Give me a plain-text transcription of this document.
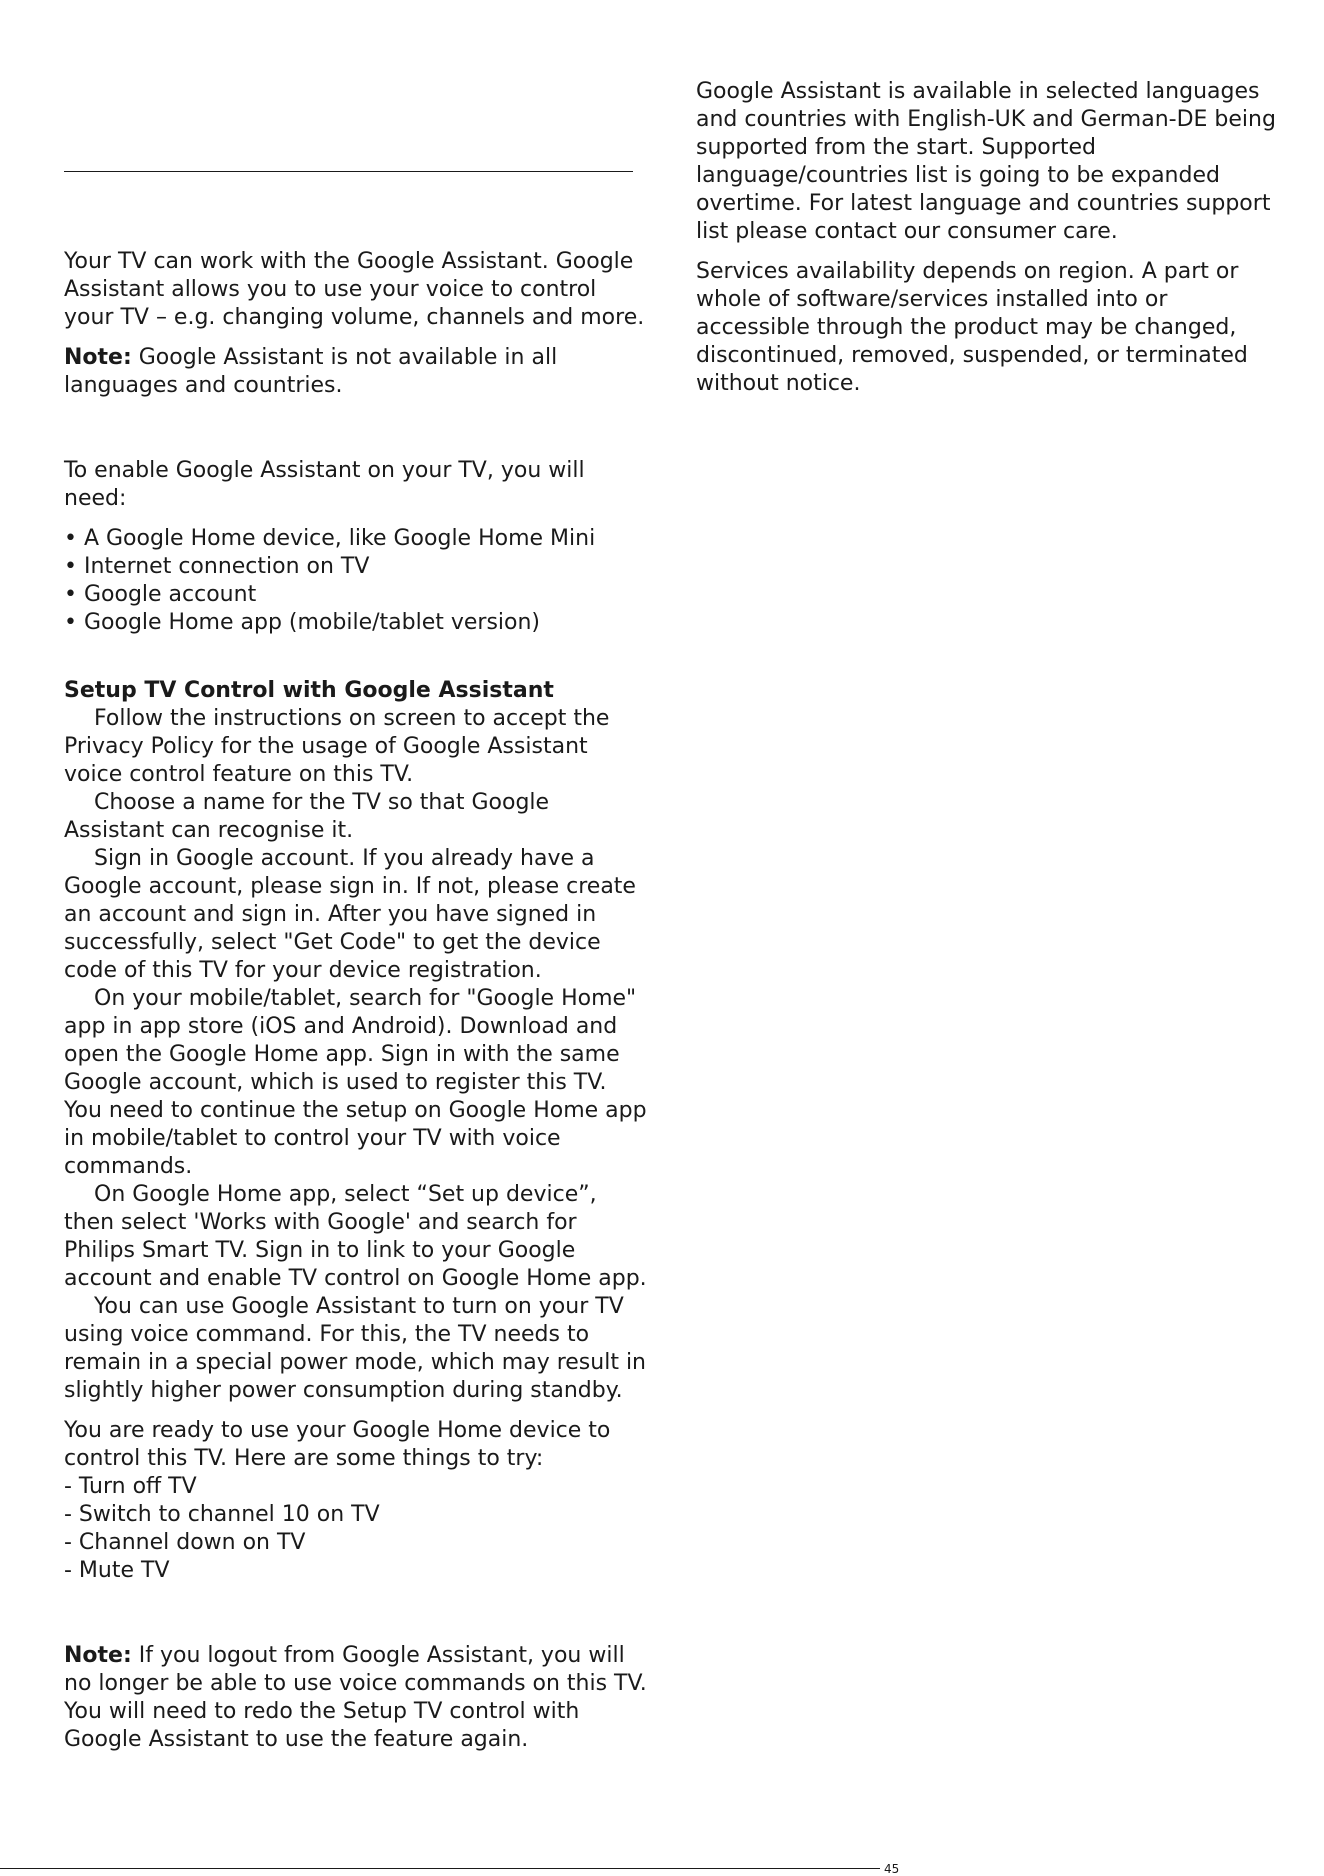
Your TV can work with the Google Assistant. Google Assistant allows you to use your voice to control your TV – e.g. changing volume, channels and more.

Note: Google Assistant is not available in all languages and countries.

To enable Google Assistant on your TV, you will need:

• A Google Home device, like Google Home Mini
• Internet connection on TV
• Google account
• Google Home app (mobile/tablet version)

Setup TV Control with Google Assistant

Follow the instructions on screen to accept the Privacy Policy for the usage of Google Assistant voice control feature on this TV.

Choose a name for the TV so that Google Assistant can recognise it.

Sign in Google account. If you already have a Google account, please sign in. If not, please create an account and sign in. After you have signed in successfully, select "Get Code" to get the device code of this TV for your device registration.

On your mobile/tablet, search for "Google Home" app in app store (iOS and Android). Download and open the Google Home app. Sign in with the same Google account, which is used to register this TV. You need to continue the setup on Google Home app in mobile/tablet to control your TV with voice commands.

On Google Home app, select “Set up device”, then select 'Works with Google' and search for Philips Smart TV. Sign in to link to your Google account and enable TV control on Google Home app.

You can use Google Assistant to turn on your TV using voice command. For this, the TV needs to remain in a special power mode, which may result in slightly higher power consumption during standby.

You are ready to use your Google Home device to control this TV. Here are some things to try:

- Turn off TV
- Switch to channel 10 on TV
- Channel down on TV
- Mute TV

Note: If you logout from Google Assistant, you will no longer be able to use voice commands on this TV. You will need to redo the Setup TV control with Google Assistant to use the feature again.

Google Assistant is available in selected languages and countries with English-UK and German-DE being supported from the start. Supported language/countries list is going to be expanded overtime. For latest language and countries support list please contact our consumer care.

Services availability depends on region. A part or whole of software/services installed into or accessible through the product may be changed, discontinued, removed, suspended, or terminated without notice.

45
